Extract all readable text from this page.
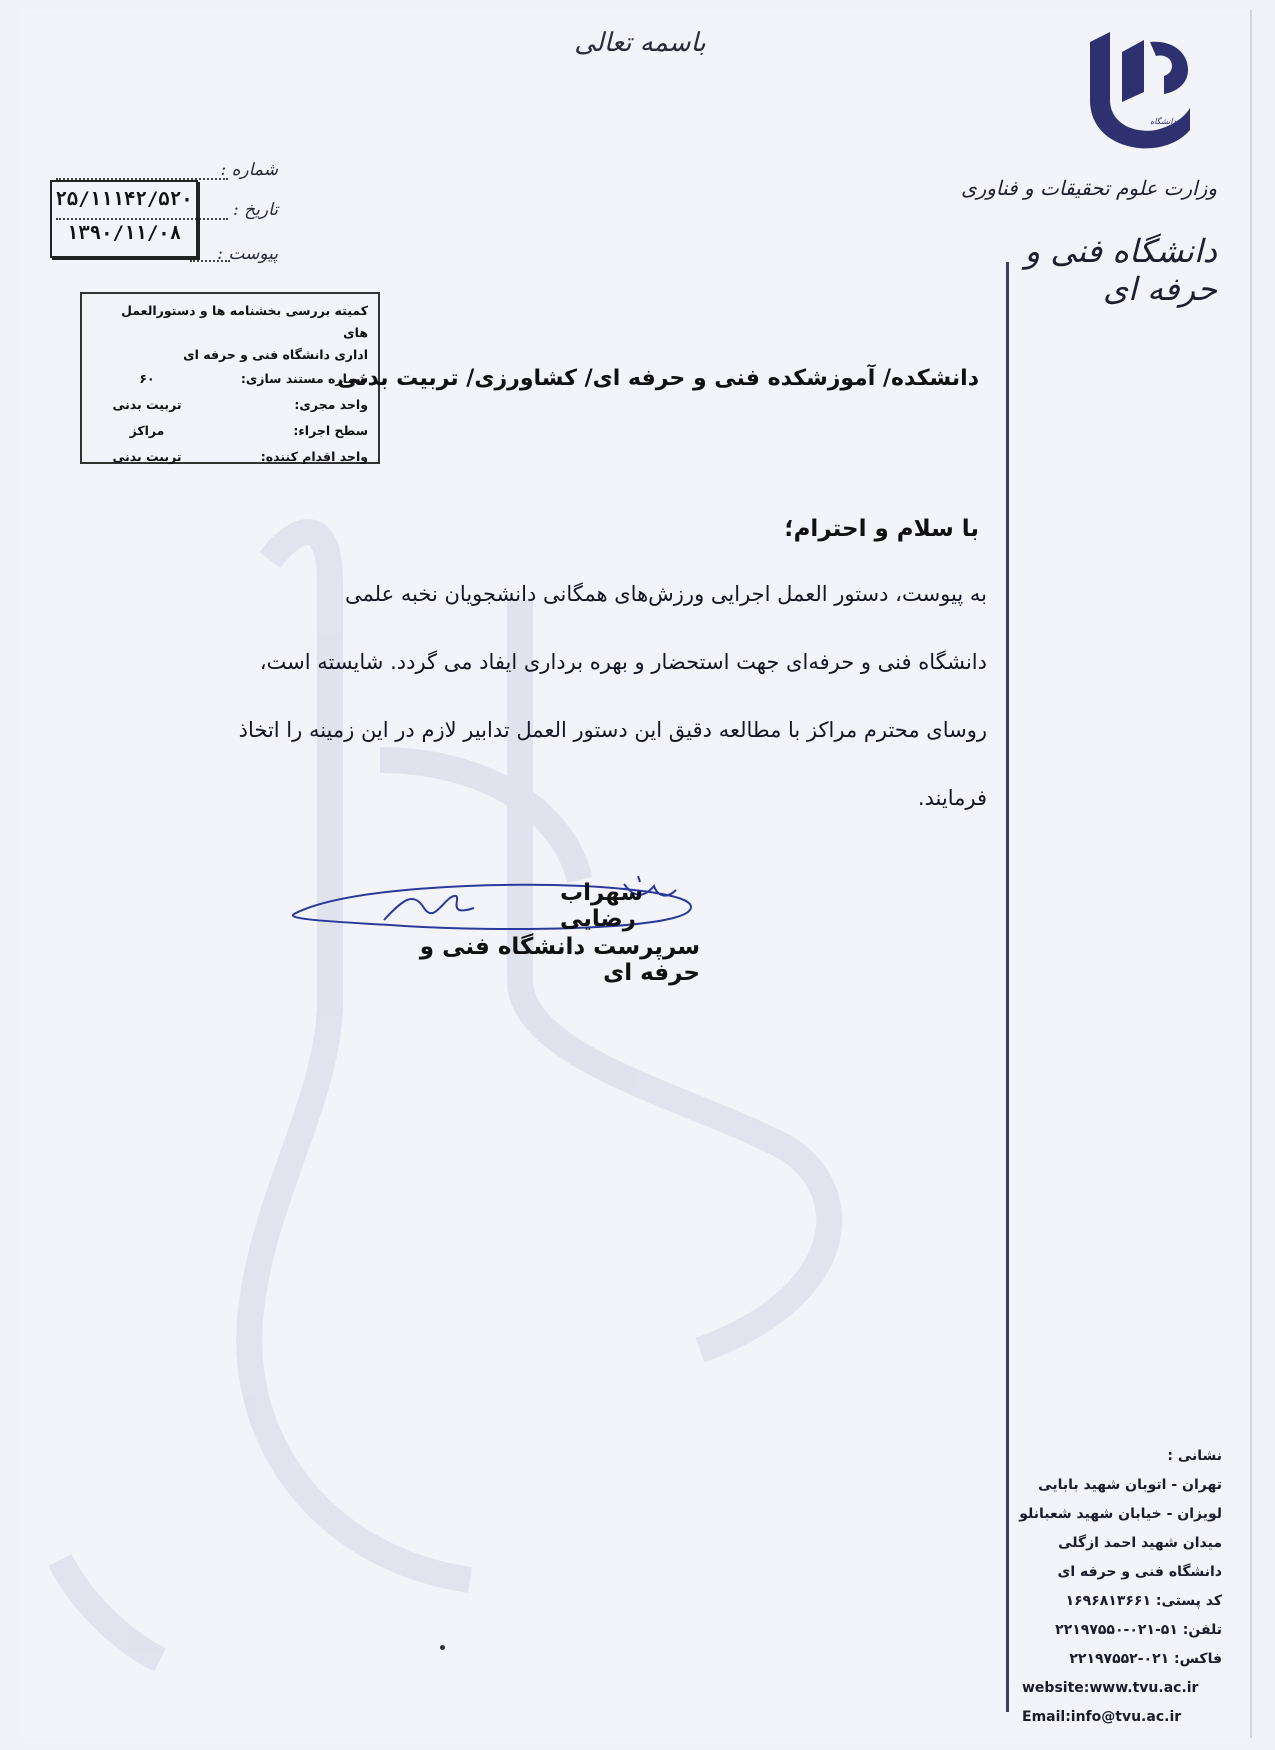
باسمه تعالی
دانشگاه
وزارت علوم تحقیقات و فناوری
دانشگاه فنی و حرفه ای
شماره :
تاریخ :
پیوست :
۲۵/۱۱۱۴۲/۵۲۰
۱۳۹۰/۱۱/۰۸
کمیته بررسی بخشنامه ها و دستورالعمل های
اداری دانشگاه فنی و حرفه ای
شماره مستند سازی:
۶۰
واحد مجری:
تربیت بدنی
سطح اجراء:
مراکز
واحد اقدام کننده:
تربیت بدنی
دانشکده/ آموزشکده فنی و حرفه ای/ کشاورزی/ تربیت بدنی
با سلام و احترام؛
به پیوست، دستور العمل اجرایی ورزش‌های همگانی دانشجویان نخبه علمی
دانشگاه فنی و حرفه‌ای جهت استحضار و بهره برداری ایفاد می گردد. شایسته است،
روسای محترم مراکز با مطالعه دقیق این دستور العمل تدابیر لازم در این زمینه را اتخاذ
فرمایند.
سهراب رضایی
سرپرست دانشگاه فنی و حرفه ای
نشانی :
تهران - اتوبان شهید بابایی
لویزان - خیابان شهید شعبانلو
میدان شهید احمد ازگلی
دانشگاه فنی و حرفه ای
کد پستی: ۱۶۹۶۸۱۳۶۶۱
تلفن: ۵۱-۰۲۱-۲۲۱۹۷۵۵۰
فاکس: ۰۲۱-۲۲۱۹۷۵۵۲
website:www.tvu.ac.ir
Email:info@tvu.ac.ir
